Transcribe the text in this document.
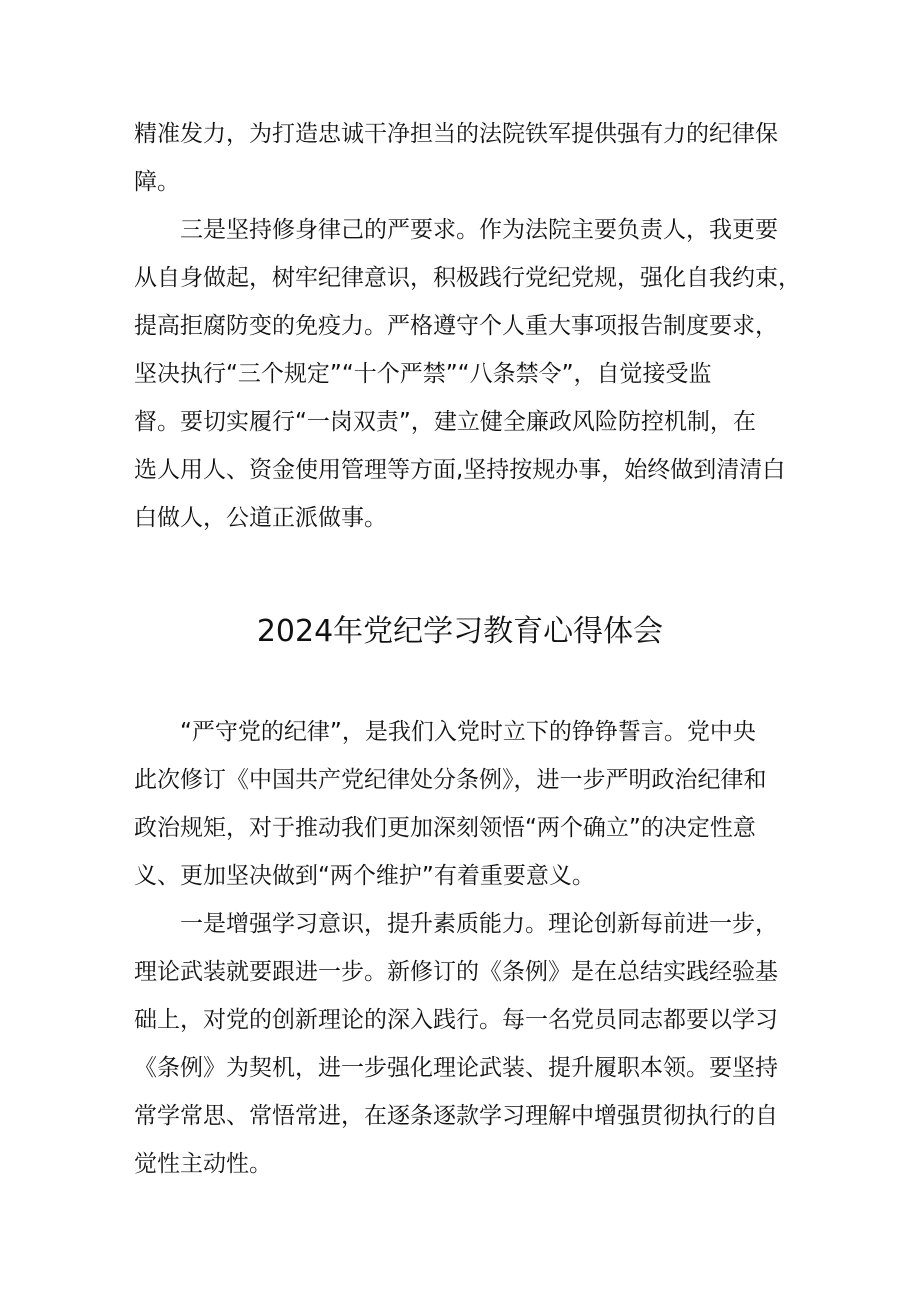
精准发力，为打造忠诚干净担当的法院铁军提供强有力的纪律保
障。
三是坚持修身律己的严要求。作为法院主要负责人，我更要
从自身做起，树牢纪律意识，积极践行党纪党规，强化自我约束，
提高拒腐防变的免疫力。严格遵守个人重大事项报告制度要求，
坚决执行“三个规定”“十个严禁”“八条禁令”，自觉接受监
督。要切实履行“一岗双责”，建立健全廉政风险防控机制，在
选人用人、资金使用管理等方面,坚持按规办事，始终做到清清白
白做人，公道正派做事。
2024年党纪学习教育心得体会
“严守党的纪律”，是我们入党时立下的铮铮誓言。党中央
此次修订《中国共产党纪律处分条例》，进一步严明政治纪律和
政治规矩，对于推动我们更加深刻领悟“两个确立”的决定性意
义、更加坚决做到“两个维护”有着重要意义。
一是增强学习意识，提升素质能力。理论创新每前进一步，
理论武装就要跟进一步。新修订的《条例》是在总结实践经验基
础上，对党的创新理论的深入践行。每一名党员同志都要以学习
《条例》为契机，进一步强化理论武装、提升履职本领。要坚持
常学常思、常悟常进，在逐条逐款学习理解中增强贯彻执行的自
觉性主动性。
